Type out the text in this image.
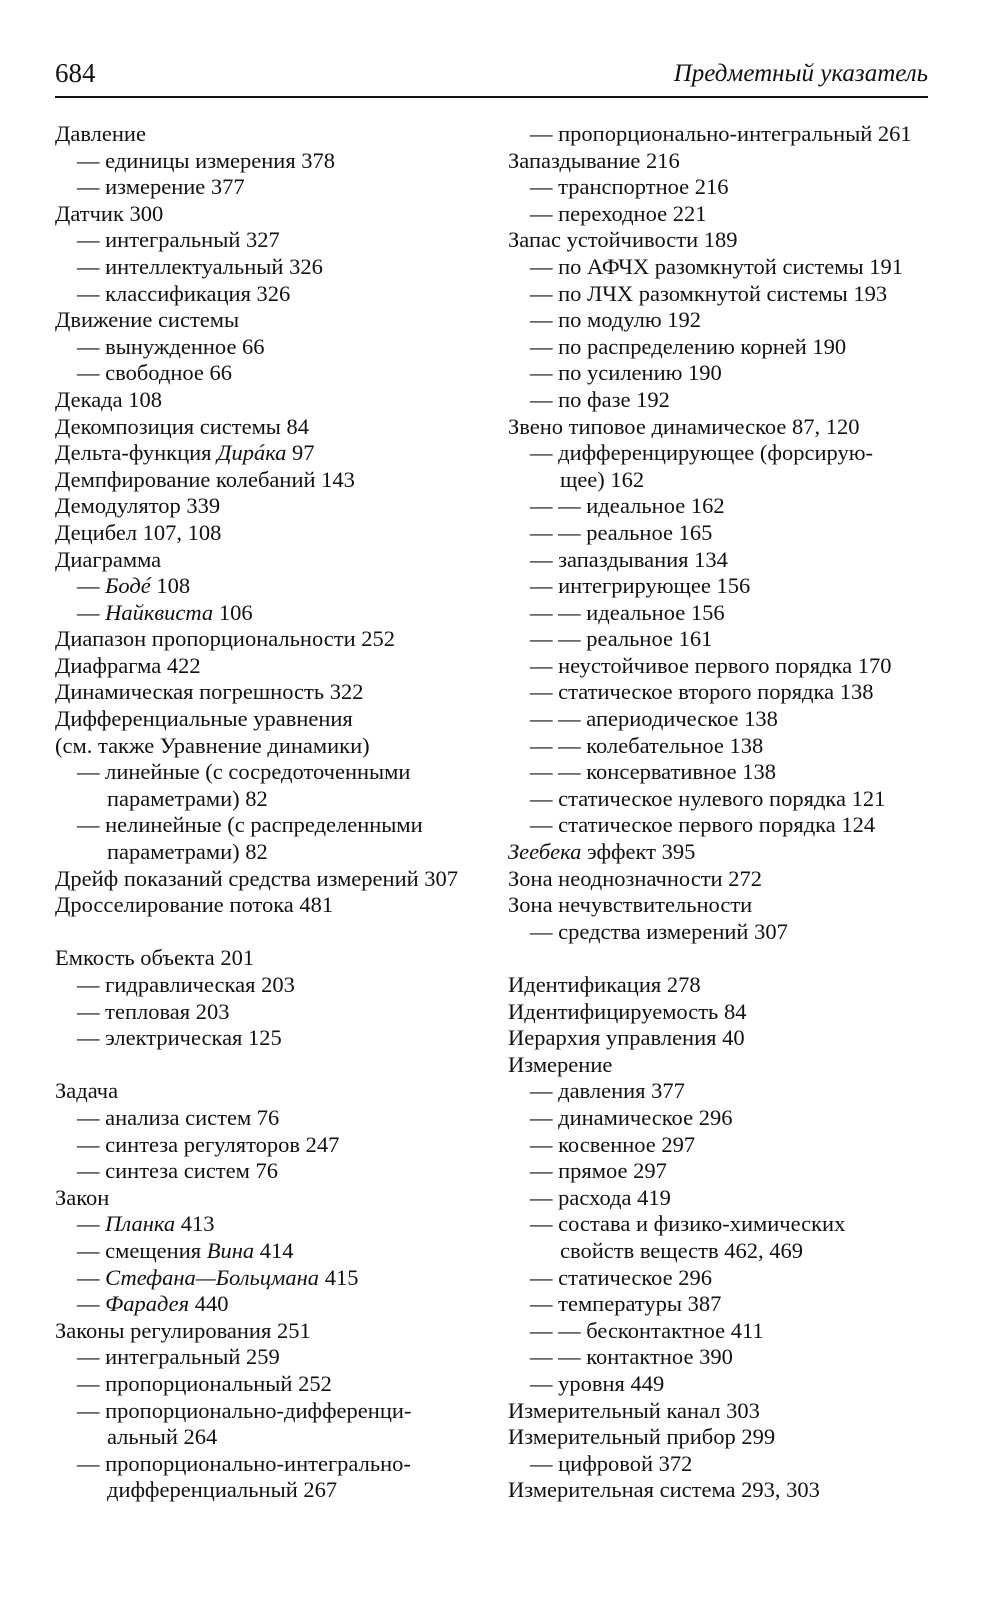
684	Предметный указатель
Давление
— единицы измерения 378
— измерение 377
Датчик 300
— интегральный 327
— интеллектуальный 326
— классификация 326
Движение системы
— вынужденное 66
— свободное 66
Декада 108
Декомпозиция системы 84
Дельта-функция Дирáка 97
Демпфирование колебаний 143
Демодулятор 339
Децибел 107, 108
Диаграмма
— Бодé 108
— Найквиста 106
Диапазон пропорциональности 252
Диафрагма 422
Динамическая погрешность 322
Дифференциальные уравнения
(см. также Уравнение динамики)
— линейные (с сосредоточенными
параметрами) 82
— нелинейные (с распределенными
параметрами) 82
Дрейф показаний средства измерений 307
Дросселирование потока 481
Емкость объекта 201
— гидравлическая 203
— тепловая 203
— электрическая 125
Задача
— анализа систем 76
— синтеза регуляторов 247
— синтеза систем 76
Закон
— Планка 413
— смещения Вина 414
— Стефана—Больцмана 415
— Фарадея 440
Законы регулирования 251
— интегральный 259
— пропорциональный 252
— пропорционально-дифференци-
альный 264
— пропорционально-интегрально-
дифференциальный 267
— пропорционально-интегральный 261
Запаздывание 216
— транспортное 216
— переходное 221
Запас устойчивости 189
— по АФЧХ разомкнутой системы 191
— по ЛЧХ разомкнутой системы 193
— по модулю 192
— по распределению корней 190
— по усилению 190
— по фазе 192
Звено типовое динамическое 87, 120
— дифференцирующее (форсирую-
щее) 162
— — идеальное 162
— — реальное 165
— запаздывания 134
— интегрирующее 156
— — идеальное 156
— — реальное 161
— неустойчивое первого порядка 170
— статическое второго порядка 138
— — апериодическое 138
— — колебательное 138
— — консервативное 138
— статическое нулевого порядка 121
— статическое первого порядка 124
Зеебека эффект 395
Зона неоднозначности 272
Зона нечувствительности
— средства измерений 307
Идентификация 278
Идентифицируемость 84
Иерархия управления 40
Измерение
— давления 377
— динамическое 296
— косвенное 297
— прямое 297
— расхода 419
— состава и физико-химических
свойств веществ 462, 469
— статическое 296
— температуры 387
— — бесконтактное 411
— — контактное 390
— уровня 449
Измерительный канал 303
Измерительный прибор 299
— цифровой 372
Измерительная система 293, 303
